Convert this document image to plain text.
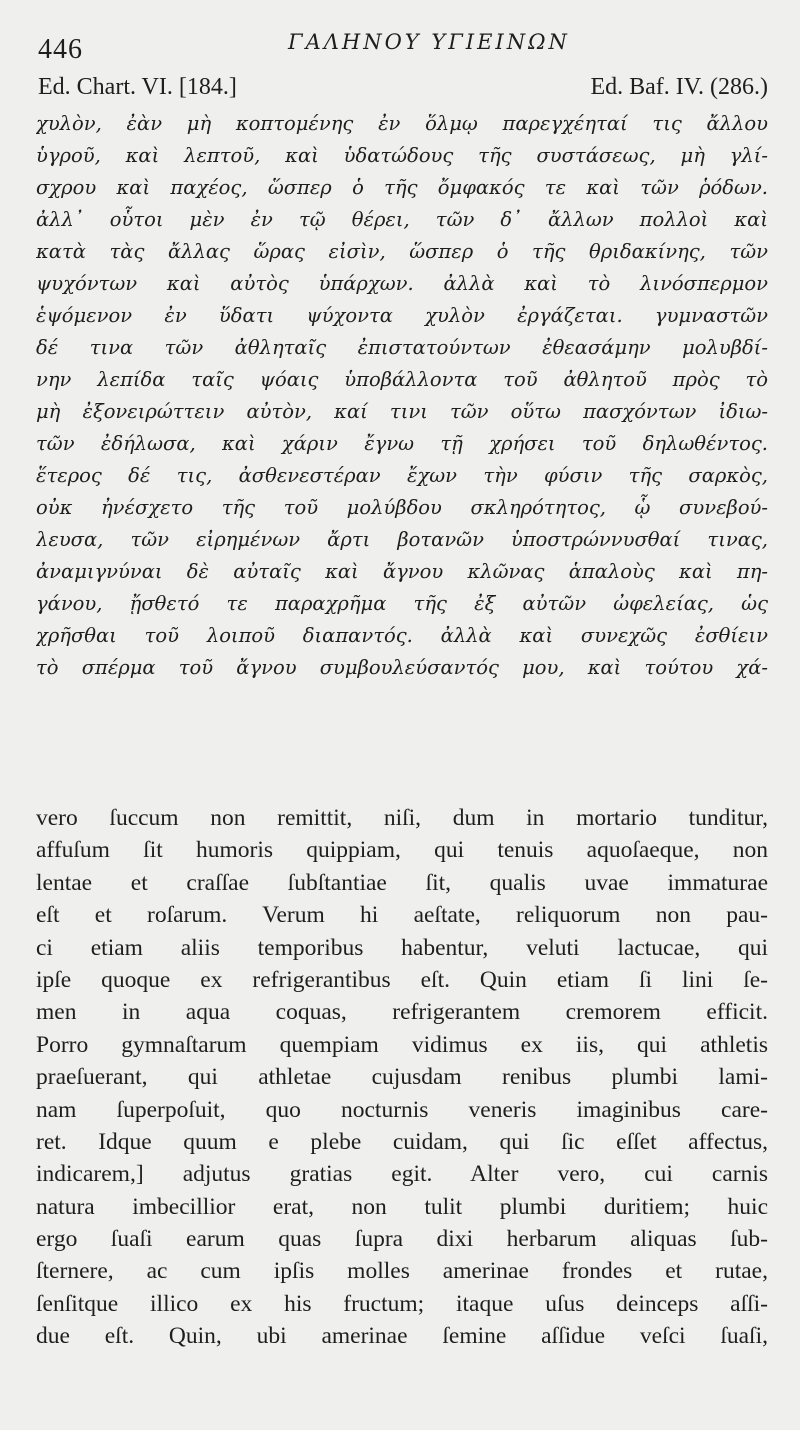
446	ΓΑΛΗΝΟΥ ΥΓΙΕΙΝΩΝ
Ed. Chart. VI. [184.]	Ed. Baf. IV. (286.)
χυλὸν, ἐὰν μὴ κοπτομένης ἐν ὅλμῳ παρεγχέηταί τις ἄλλου
ὑγροῦ, καὶ λεπτοῦ, καὶ ὑδατώδους τῆς συστάσεως, μὴ γλί-
σχρου καὶ παχέος, ὥσπερ ὁ τῆς ὄμφακός τε καὶ τῶν ῥόδων.
ἀλλ᾽ οὗτοι μὲν ἐν τῷ θέρει, τῶν δ᾽ ἄλλων πολλοὶ καὶ
κατὰ τὰς ἄλλας ὥρας εἰσὶν, ὥσπερ ὁ τῆς θριδακίνης, τῶν
ψυχόντων καὶ αὐτὸς ὑπάρχων. ἀλλὰ καὶ τὸ λινόσπερμον
ἑψόμενον ἐν ὕδατι ψύχοντα χυλὸν ἐργάζεται. γυμναστῶν
δέ τινα τῶν ἀθληταῖς ἐπιστατούντων ἐθεασάμην μολυβδί-
νην λεπίδα ταῖς ψόαις ὑποβάλλοντα τοῦ ἀθλητοῦ πρὸς τὸ
μὴ ἐξονειρώττειν αὐτὸν, καί τινι τῶν οὕτω πασχόντων ἰδιω-
τῶν ἐδήλωσα, καὶ χάριν ἔγνω τῇ χρήσει τοῦ δηλωθέντος.
ἕτερος δέ τις, ἀσθενεστέραν ἔχων τὴν φύσιν τῆς σαρκὸς,
οὐκ ἠνέσχετο τῆς τοῦ μολύβδου σκληρότητος, ᾧ συνεβού-
λευσα, τῶν εἰρημένων ἄρτι βοτανῶν ὑποστρώννυσθαί τινας,
ἀναμιγνύναι δὲ αὐταῖς καὶ ἄγνου κλῶνας ἁπαλοὺς καὶ πη-
γάνου, ᾔσθετό τε παραχρῆμα τῆς ἐξ αὐτῶν ὠφελείας, ὡς
χρῆσθαι τοῦ λοιποῦ διαπαντός. ἀλλὰ καὶ συνεχῶς ἐσθίειν
τὸ σπέρμα τοῦ ἄγνου συμβουλεύσαντός μου, καὶ τούτου χά-
vero ſuccum non remittit, niſi, dum in mortario tunditur,
affuſum ſit humoris quippiam, qui tenuis aquoſaeque, non
lentae et craſſae ſubſtantiae ſit, qualis uvae immaturae
eſt et roſarum. Verum hi aeſtate, reliquorum non pau-
ci etiam aliis temporibus habentur, veluti lactucae, qui
ipſe quoque ex refrigerantibus eſt. Quin etiam ſi lini ſe-
men in aqua coquas, refrigerantem cremorem efficit.
Porro gymnaſtarum quempiam vidimus ex iis, qui athletis
praeſuerant, qui athletae cujusdam renibus plumbi lami-
nam ſuperpoſuit, quo nocturnis veneris imaginibus care-
ret. Idque quum e plebe cuidam, qui ſic eſſet affectus,
indicarem,] adjutus gratias egit. Alter vero, cui carnis
natura imbecillior erat, non tulit plumbi duritiem; huic
ergo ſuaſi earum quas ſupra dixi herbarum aliquas ſub-
ſternere, ac cum ipſis molles amerinae frondes et rutae,
ſenſitque illico ex his fructum; itaque uſus deinceps aſſi-
due eſt. Quin, ubi amerinae ſemine aſſidue veſci ſuaſi,
